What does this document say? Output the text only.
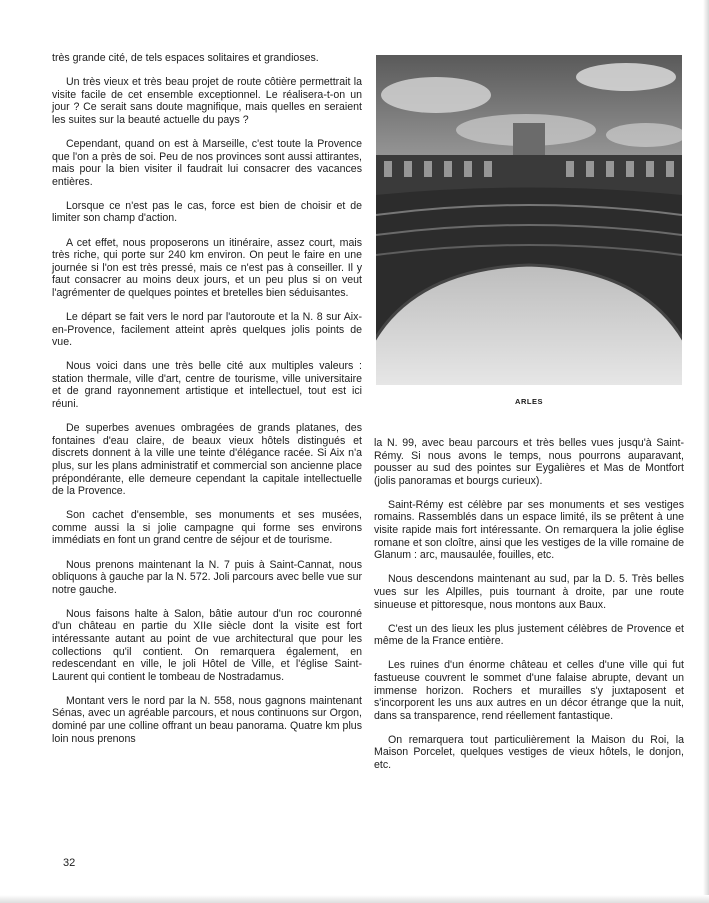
très grande cité, de tels espaces solitaires et grandioses.

Un très vieux et très beau projet de route côtière permettrait la visite facile de cet ensemble exceptionnel. Le réalisera-t-on un jour ? Ce serait sans doute magnifique, mais quelles en seraient les suites sur la beauté actuelle du pays ?

Cependant, quand on est à Marseille, c'est toute la Provence que l'on a près de soi. Peu de nos provinces sont aussi attirantes, mais pour la bien visiter il faudrait lui consacrer des vacances entières.

Lorsque ce n'est pas le cas, force est bien de choisir et de limiter son champ d'action.

A cet effet, nous proposerons un itinéraire, assez court, mais très riche, qui porte sur 240 km environ. On peut le faire en une journée si l'on est très pressé, mais ce n'est pas à conseiller. Il y faut consacrer au moins deux jours, et un peu plus si on veut l'agrémenter de quelques pointes et bretelles bien séduisantes.

Le départ se fait vers le nord par l'autoroute et la N. 8 sur Aix-en-Provence, facilement atteint après quelques jolis points de vue.

Nous voici dans une très belle cité aux multiples valeurs : station thermale, ville d'art, centre de tourisme, ville universitaire et de grand rayonnement artistique et intellectuel, tout est ici réuni.

De superbes avenues ombragées de grands platanes, des fontaines d'eau claire, de beaux vieux hôtels distingués et discrets donnent à la ville une teinte d'élégance racée. Si Aix n'a plus, sur les plans administratif et commercial son ancienne place prépondérante, elle demeure cependant la capitale intellectuelle de la Provence.

Son cachet d'ensemble, ses monuments et ses musées, comme aussi la si jolie campagne qui forme ses environs immédiats en font un grand centre de séjour et de tourisme.

Nous prenons maintenant la N. 7 puis à Saint-Cannat, nous obliquons à gauche par la N. 572. Joli parcours avec belle vue sur notre gauche.

Nous faisons halte à Salon, bâtie autour d'un roc couronné d'un château en partie du XIIe siècle dont la visite est fort intéressante autant au point de vue architectural que pour les collections qu'il contient. On remarquera également, en redescendant en ville, le joli Hôtel de Ville, et l'église Saint-Laurent qui contient le tombeau de Nostradamus.

Montant vers le nord par la N. 558, nous gagnons maintenant Sénas, avec un agréable parcours, et nous continuons sur Orgon, dominé par une colline offrant un beau panorama. Quatre km plus loin nous prenons

ARLES

la N. 99, avec beau parcours et très belles vues jusqu'à Saint-Rémy. Si nous avons le temps, nous pourrons auparavant, pousser au sud des pointes sur Eygalières et Mas de Montfort (jolis panoramas et bourgs curieux).

Saint-Rémy est célèbre par ses monuments et ses vestiges romains. Rassemblés dans un espace limité, ils se prêtent à une visite rapide mais fort intéressante. On remarquera la jolie église romane et son cloître, ainsi que les vestiges de la ville romaine de Glanum : arc, mausaulée, fouilles, etc.

Nous descendons maintenant au sud, par la D. 5. Très belles vues sur les Alpilles, puis tournant à droite, par une route sinueuse et pittoresque, nous montons aux Baux.

C'est un des lieux les plus justement célèbres de Provence et même de la France entière.

Les ruines d'un énorme château et celles d'une ville qui fut fastueuse couvrent le sommet d'une falaise abrupte, devant un immense horizon. Rochers et murailles s'y juxtaposent et s'incorporent les uns aux autres en un décor étrange que la nuit, dans sa transparence, rend réellement fantastique.

On remarquera tout particulièrement la Maison du Roi, la Maison Porcelet, quelques vestiges de vieux hôtels, le donjon, etc.

32
